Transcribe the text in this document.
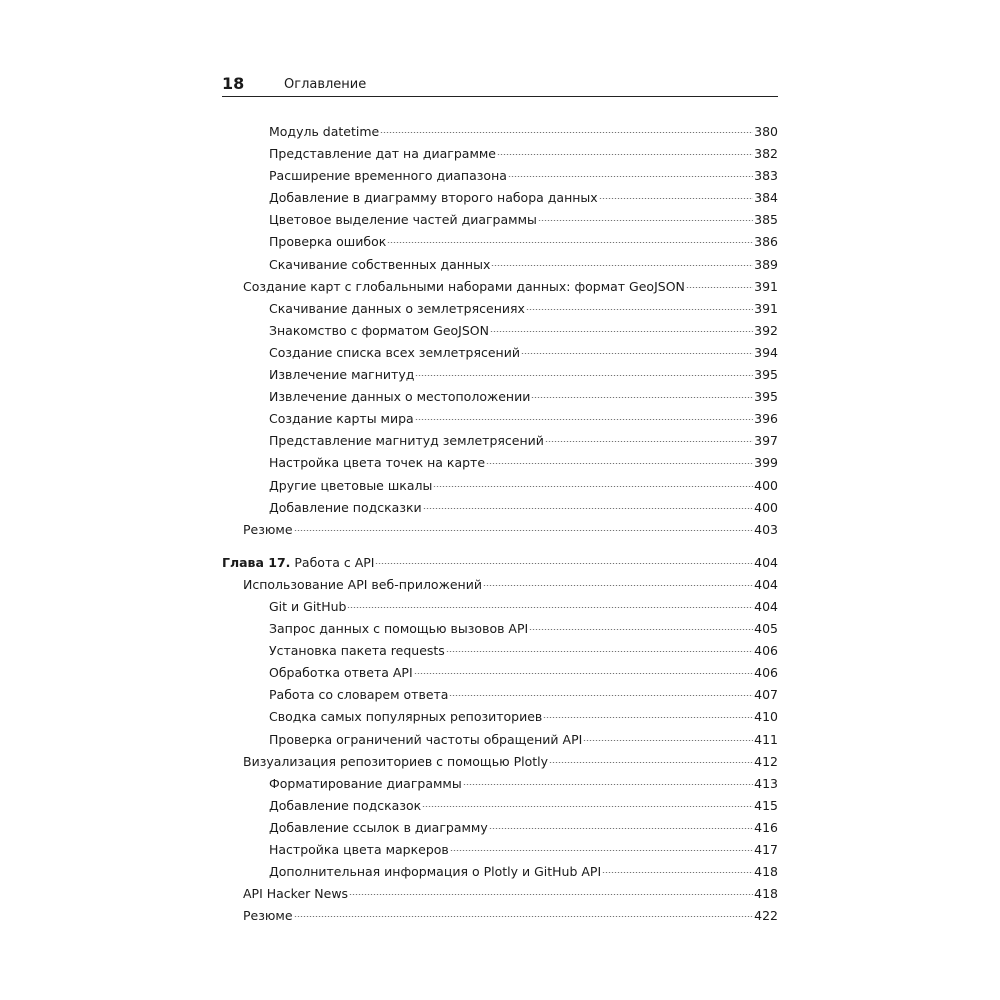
18	Оглавление
Модуль datetime	380
Представление дат на диаграмме	382
Расширение временного диапазона	383
Добавление в диаграмму второго набора данных	384
Цветовое выделение частей диаграммы	385
Проверка ошибок	386
Скачивание собственных данных	389
Создание карт с глобальными наборами данных: формат GeoJSON	391
Скачивание данных о землетрясениях	391
Знакомство с форматом GeoJSON	392
Создание списка всех землетрясений	394
Извлечение магнитуд	395
Извлечение данных о местоположении	395
Создание карты мира	396
Представление магнитуд землетрясений	397
Настройка цвета точек на карте	399
Другие цветовые шкалы	400
Добавление подсказки	400
Резюме	403
Глава 17. Работа с API	404
Использование API веб-приложений	404
Git и GitHub	404
Запрос данных с помощью вызовов API	405
Установка пакета requests	406
Обработка ответа API	406
Работа со словарем ответа	407
Сводка самых популярных репозиториев	410
Проверка ограничений частоты обращений API	411
Визуализация репозиториев с помощью Plotly	412
Форматирование диаграммы	413
Добавление подсказок	415
Добавление ссылок в диаграмму	416
Настройка цвета маркеров	417
Дополнительная информация о Plotly и GitHub API	418
API Hacker News	418
Резюме	422
